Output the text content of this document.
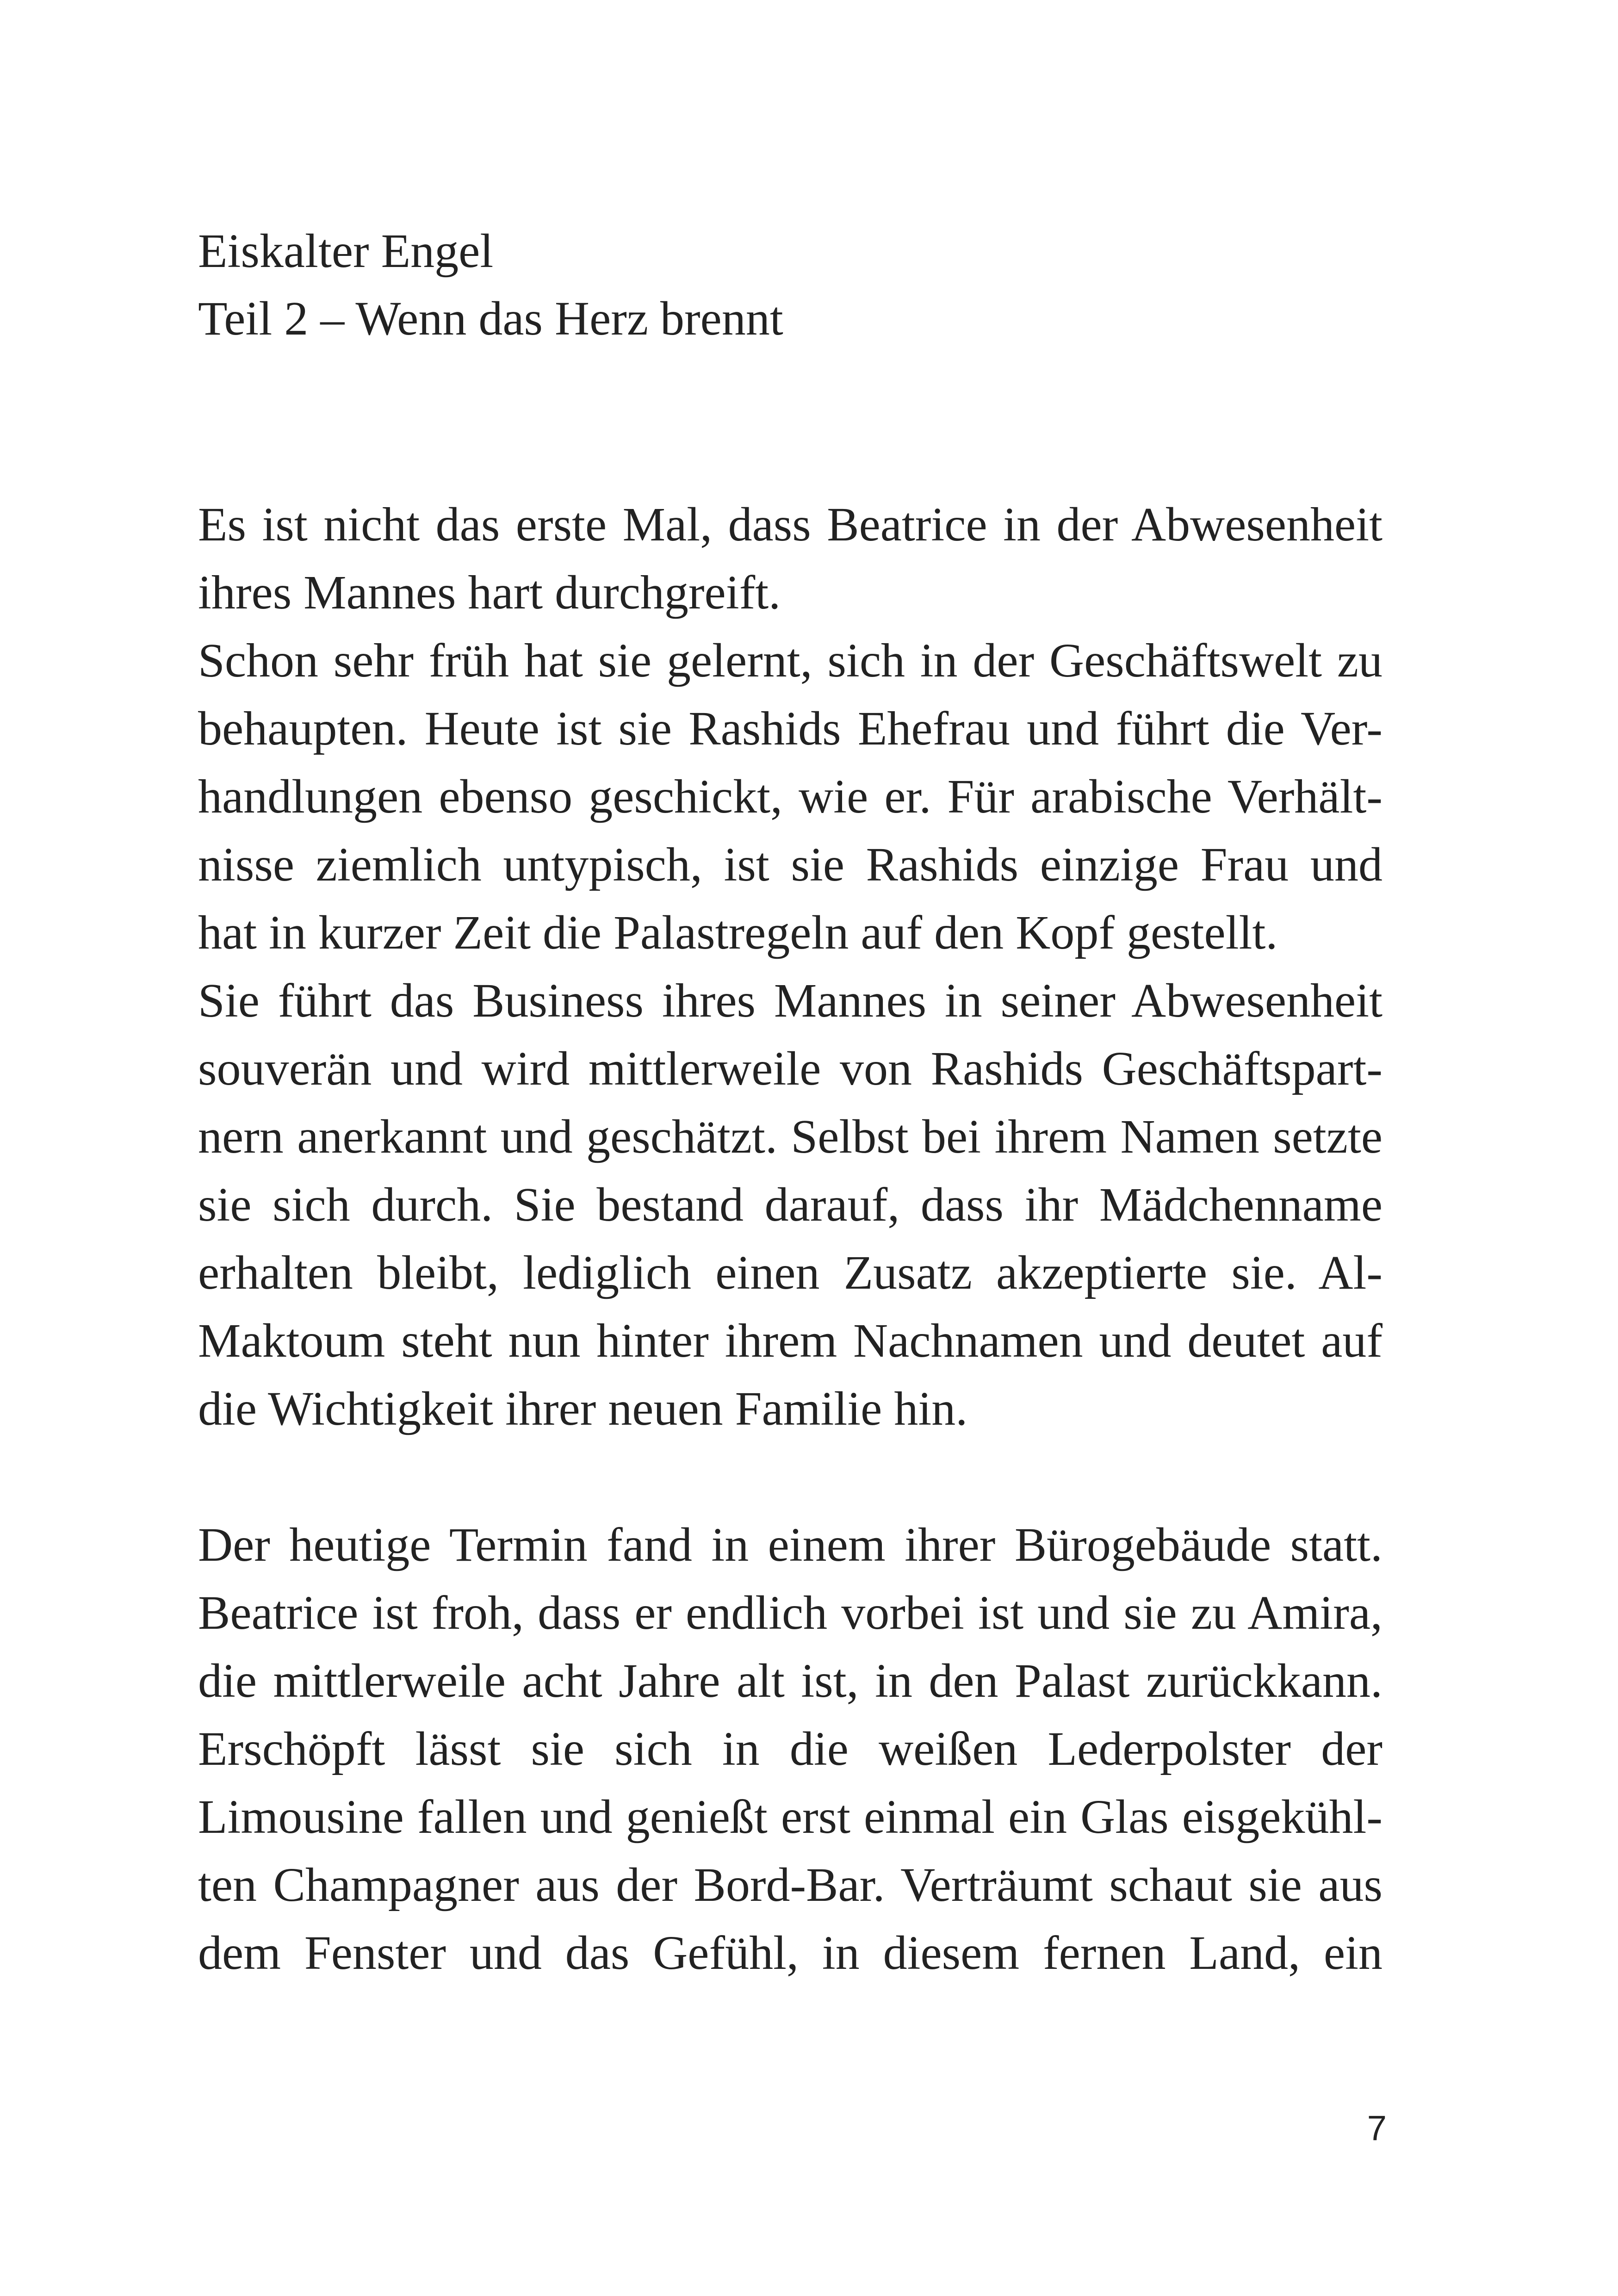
Eiskalter Engel
Teil 2 – Wenn das Herz brennt
Es ist nicht das erste Mal, dass Beatrice in der Abwesenheit
ihres Mannes hart durchgreift.
Schon sehr früh hat sie gelernt, sich in der Geschäftswelt zu
behaupten. Heute ist sie Rashids Ehefrau und führt die Ver-
handlungen ebenso geschickt, wie er. Für arabische Verhält-
nisse ziemlich untypisch, ist sie Rashids einzige Frau und
hat in kurzer Zeit die Palastregeln auf den Kopf gestellt.
Sie führt das Business ihres Mannes in seiner Abwesenheit
souverän und wird mittlerweile von Rashids Geschäftspart-
nern anerkannt und geschätzt. Selbst bei ihrem Namen setzte
sie sich durch. Sie bestand darauf, dass ihr Mädchenname
erhalten bleibt, lediglich einen Zusatz akzeptierte sie. Al-
Maktoum steht nun hinter ihrem Nachnamen und deutet auf
die Wichtigkeit ihrer neuen Familie hin.
Der heutige Termin fand in einem ihrer Bürogebäude statt.
Beatrice ist froh, dass er endlich vorbei ist und sie zu Amira,
die mittlerweile acht Jahre alt ist, in den Palast zurückkann.
Erschöpft lässt sie sich in die weißen Lederpolster der
Limousine fallen und genießt erst einmal ein Glas eisgekühl-
ten Champagner aus der Bord-Bar. Verträumt schaut sie aus
dem Fenster und das Gefühl, in diesem fernen Land, ein
7
